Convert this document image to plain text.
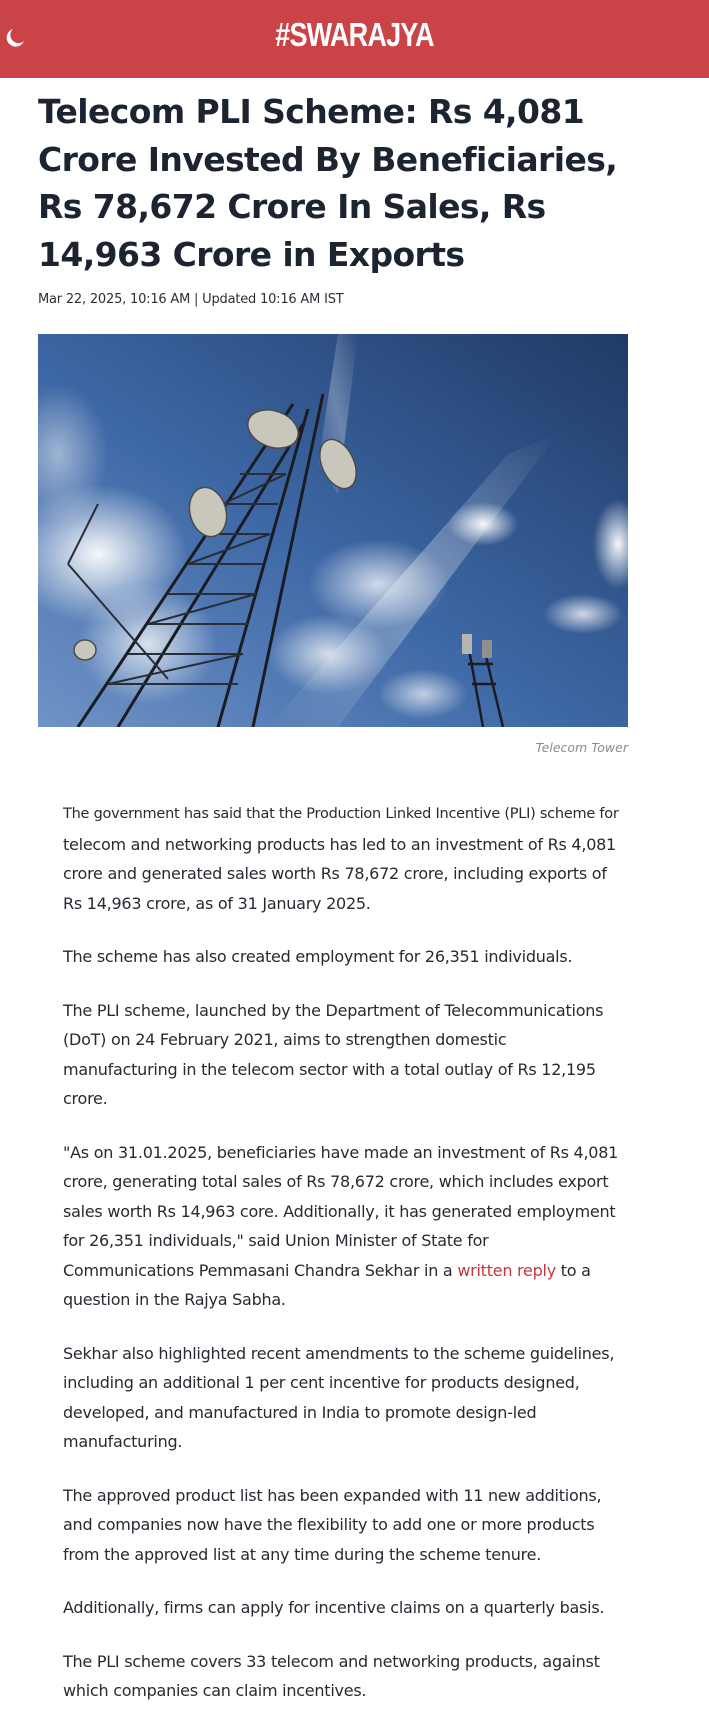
#SWARAJYA
Telecom PLI Scheme: Rs 4,081 Crore Invested By Beneficiaries, Rs 78,672 Crore In Sales, Rs 14,963 Crore in Exports
Mar 22, 2025, 10:16 AM | Updated 10:16 AM IST
Telecom Tower

The government has said that the Production Linked Incentive (PLI) scheme for telecom and networking products has led to an investment of Rs 4,081 crore and generated sales worth Rs 78,672 crore, including exports of Rs 14,963 crore, as of 31 January 2025.

The scheme has also created employment for 26,351 individuals.

The PLI scheme, launched by the Department of Telecommunications (DoT) on 24 February 2021, aims to strengthen domestic manufacturing in the telecom sector with a total outlay of Rs 12,195 crore.

"As on 31.01.2025, beneficiaries have made an investment of Rs 4,081 crore, generating total sales of Rs 78,672 crore, which includes export sales worth Rs 14,963 core. Additionally, it has generated employment for 26,351 individuals," said Union Minister of State for Communications Pemmasani Chandra Sekhar in a written reply to a question in the Rajya Sabha.

Sekhar also highlighted recent amendments to the scheme guidelines, including an additional 1 per cent incentive for products designed, developed, and manufactured in India to promote design-led manufacturing.

The approved product list has been expanded with 11 new additions, and companies now have the flexibility to add one or more products from the approved list at any time during the scheme tenure.

Additionally, firms can apply for incentive claims on a quarterly basis.

The PLI scheme covers 33 telecom and networking products, against which companies can claim incentives.
